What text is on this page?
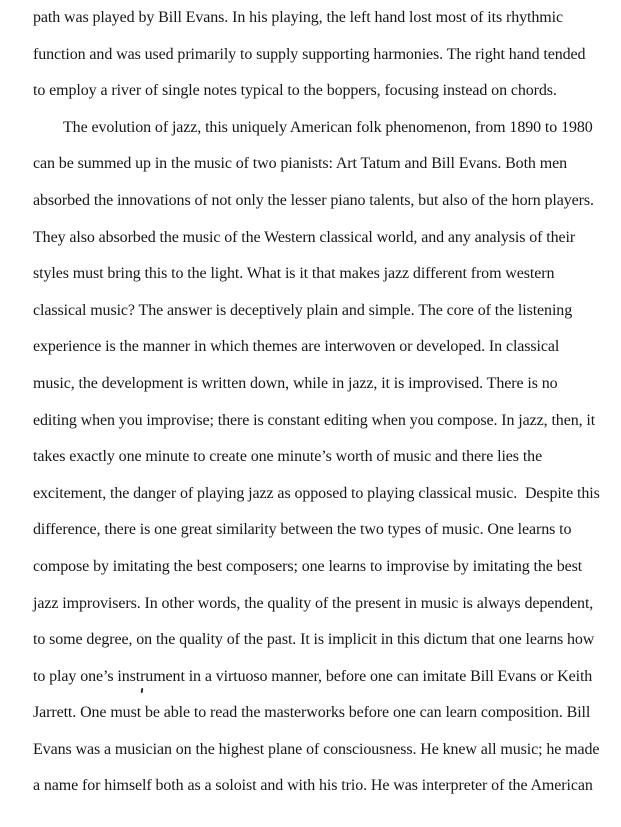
path was played by Bill Evans. In his playing, the left hand lost most of its rhythmic
function and was used primarily to supply supporting harmonies. The right hand tended
to employ a river of single notes typical to the boppers, focusing instead on chords.
The evolution of jazz, this uniquely American folk phenomenon, from 1890 to 1980
can be summed up in the music of two pianists: Art Tatum and Bill Evans. Both men
absorbed the innovations of not only the lesser piano talents, but also of the horn players.
They also absorbed the music of the Western classical world, and any analysis of their
styles must bring this to the light. What is it that makes jazz different from western
classical music? The answer is deceptively plain and simple. The core of the listening
experience is the manner in which themes are interwoven or developed. In classical
music, the development is written down, while in jazz, it is improvised. There is no
editing when you improvise; there is constant editing when you compose. In jazz, then, it
takes exactly one minute to create one minute’s worth of music and there lies the
excitement, the danger of playing jazz as opposed to playing classical music.  Despite this
difference, there is one great similarity between the two types of music. One learns to
compose by imitating the best composers; one learns to improvise by imitating the best
jazz improvisers. In other words, the quality of the present in music is always dependent,
to some degree, on the quality of the past. It is implicit in this dictum that one learns how
to play one’s instrument in a virtuoso manner, before one can imitate Bill Evans or Keith
Jarrett. One must be able to read the masterworks before one can learn composition. Bill
Evans was a musician on the highest plane of consciousness. He knew all music; he made
a name for himself both as a soloist and with his trio. He was interpreter of the American
